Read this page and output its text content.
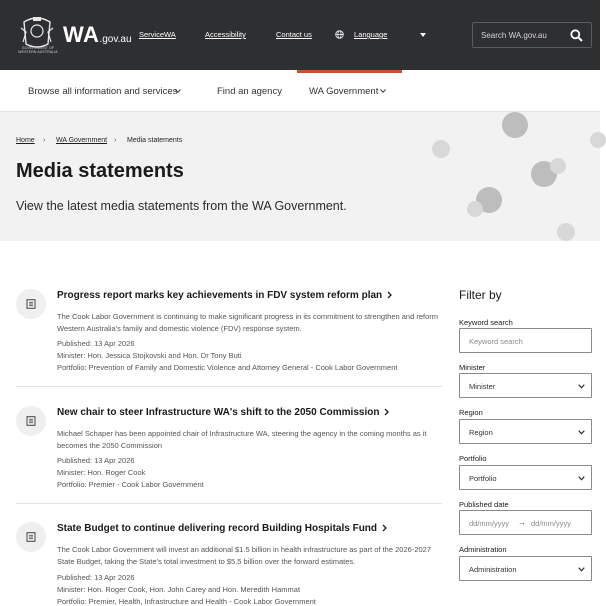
GOVERNMENT OF WESTERN AUSTRALIA
WA.gov.au ServiceWA	Accessibility	Contact us	Language	Search WA.gov.au
Browse all information and services	Find an agency	WA Government
Home › WA Government › Media statements
Media statements
View the latest media statements from the WA Government.
Progress report marks key achievements in FDV system reform plan
The Cook Labor Government is continuing to make significant progress in its commitment to strengthen and reform Western Australia's family and domestic violence (FDV) response system.
Published: 13 Apr 2026
Minister: Hon. Jessica Stojkovski and Hon. Dr Tony Buti
Portfolio: Prevention of Family and Domestic Violence and Attorney General - Cook Labor Government
New chair to steer Infrastructure WA's shift to the 2050 Commission
Michael Schaper has been appointed chair of Infrastructure WA, steering the agency in the coming months as it becomes the 2050 Commission
Published: 13 Apr 2026
Minister: Hon. Roger Cook
Portfolio: Premier - Cook Labor Government
State Budget to continue delivering record Building Hospitals Fund
The Cook Labor Government will invest an additional $1.5 billion in health infrastructure as part of the 2026-2027 State Budget, taking the State's total investment to $5.5 billion over the forward estimates.
Published: 13 Apr 2026
Minister: Hon. Roger Cook, Hon. John Carey and Hon. Meredith Hammat
Portfolio: Premier, Health, Infrastructure and Health - Cook Labor Government
Filter by
Keyword search
Keyword search
Minister
Minister
Region
Region
Portfolio
Portfolio
Published date
dd/mm/yyyy → dd/mm/yyyy
Administration
Administration
